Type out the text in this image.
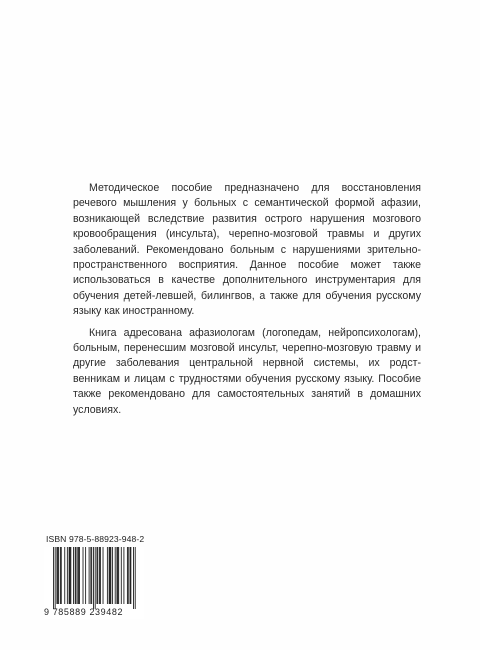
Методическое пособие предназначено для восстановления речевого мышления у больных с семантической формой афазии, возникающей вследствие развития острого нарушения мозгового кровообращения (инсульта), черепно-мозговой травмы и других заболеваний. Рекомендовано больным с нарушениями зрительно-пространственного восприятия. Данное пособие может также использоваться в качестве дополнительного инструментария для обучения детей-левшей, билингвов, а также для обучения русскому языку как иностранному.

Книга адресована афазиологам (логопедам, нейропсихологам), больным, перенесшим мозговой инсульт, черепно-мозговую травму и другие заболевания центральной нервной системы, их родст-венникам и лицам с трудностями обучения русскому языку. Пособие также рекомендовано для самостоятельных занятий в домашних условиях.

ISBN 978-5-88923-948-2
9 785889 239482
